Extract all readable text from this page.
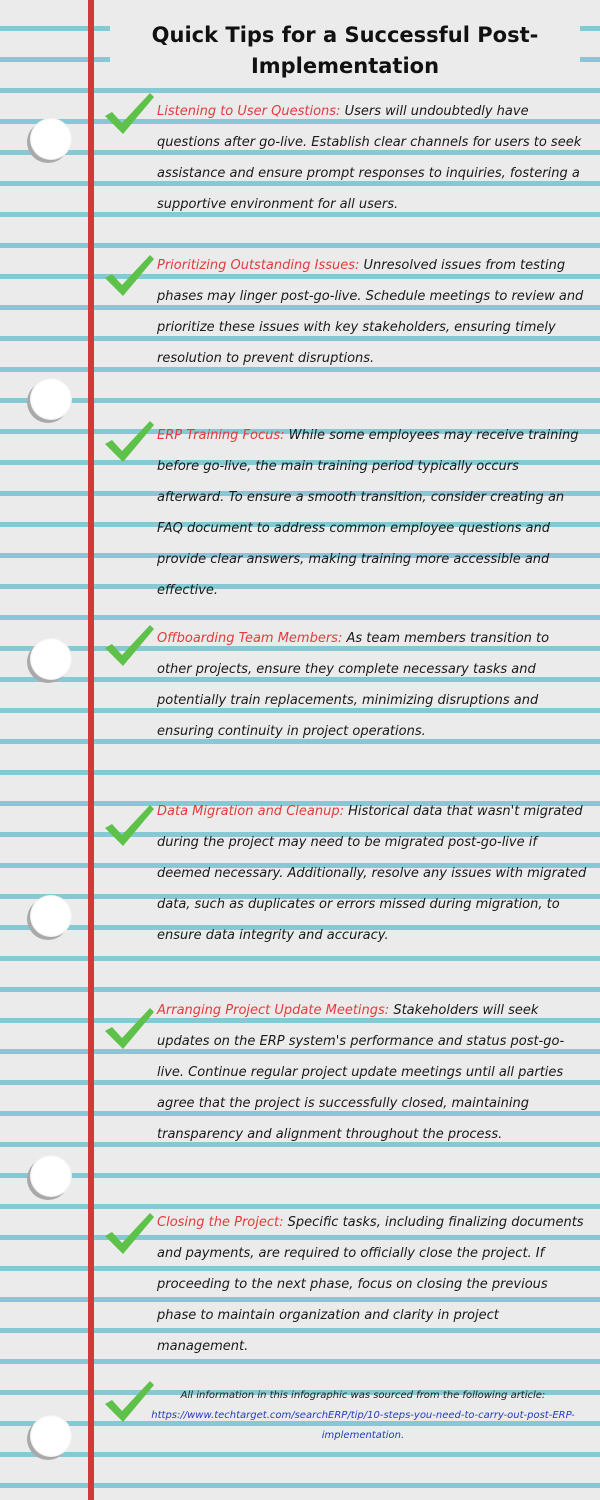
Quick Tips for a Successful Post-Implementation
Listening to User Questions: Users will undoubtedly have questions after go-live. Establish clear channels for users to seek assistance and ensure prompt responses to inquiries, fostering a supportive environment for all users.
Prioritizing Outstanding Issues: Unresolved issues from testing phases may linger post-go-live. Schedule meetings to review and prioritize these issues with key stakeholders, ensuring timely resolution to prevent disruptions.
ERP Training Focus: While some employees may receive training before go-live, the main training period typically occurs afterward. To ensure a smooth transition, consider creating an FAQ document to address common employee questions and provide clear answers, making training more accessible and effective.
Offboarding Team Members: As team members transition to other projects, ensure they complete necessary tasks and potentially train replacements, minimizing disruptions and ensuring continuity in project operations.
Data Migration and Cleanup: Historical data that wasn't migrated during the project may need to be migrated post-go-live if deemed necessary. Additionally, resolve any issues with migrated data, such as duplicates or errors missed during migration, to ensure data integrity and accuracy.
Arranging Project Update Meetings: Stakeholders will seek updates on the ERP system's performance and status post-go-live. Continue regular project update meetings until all parties agree that the project is successfully closed, maintaining transparency and alignment throughout the process.
Closing the Project: Specific tasks, including finalizing documents and payments, are required to officially close the project. If proceeding to the next phase, focus on closing the previous phase to maintain organization and clarity in project management.
All information in this infographic was sourced from the following article:
https://www.techtarget.com/searchERP/tip/10-steps-you-need-to-carry-out-post-ERP-implementation.
